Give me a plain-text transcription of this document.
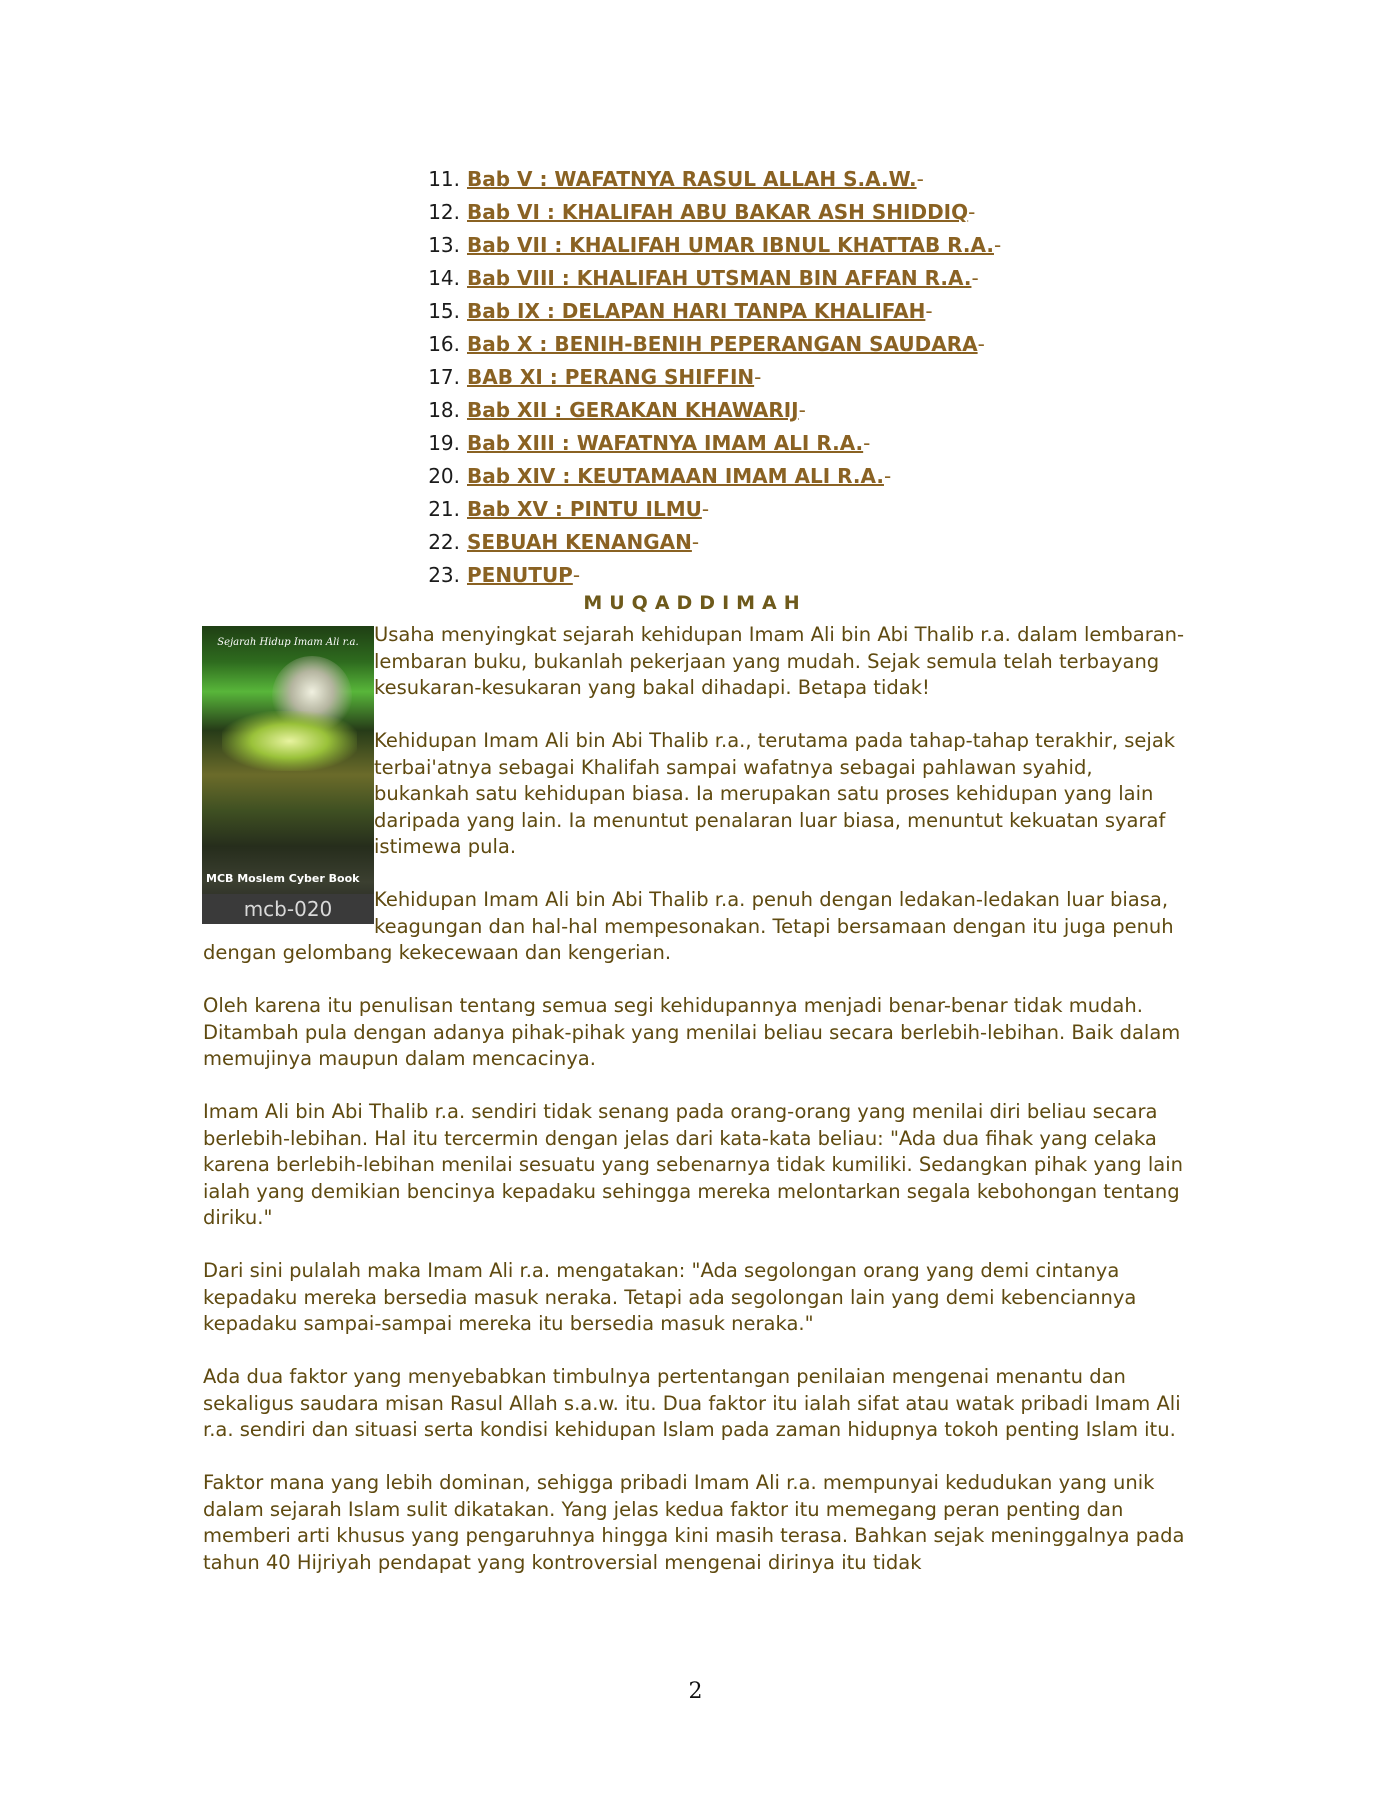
11. Bab V : WAFATNYA RASUL ALLAH S.A.W.-
12. Bab VI : KHALIFAH ABU BAKAR ASH SHIDDIQ-
13. Bab VII : KHALIFAH UMAR IBNUL KHATTAB R.A.-
14. Bab VIII : KHALIFAH UTSMAN BIN AFFAN R.A.-
15. Bab IX : DELAPAN HARI TANPA KHALIFAH-
16. Bab X : BENIH-BENIH PEPERANGAN SAUDARA-
17. BAB XI : PERANG SHIFFIN-
18. Bab XII : GERAKAN KHAWARIJ-
19. Bab XIII : WAFATNYA IMAM ALI R.A.-
20. Bab XIV : KEUTAMAAN IMAM ALI R.A.-
21. Bab XV : PINTU ILMU-
22. SEBUAH KENANGAN-
23. PENUTUP-
MUQADDIMAH
Sejarah Hidup Imam Ali r.a.
MCB Moslem Cyber Book
mcb-020

Usaha menyingkat sejarah kehidupan Imam Ali bin Abi Thalib r.a. dalam lembaran-lembaran buku, bukanlah pekerjaan yang mudah. Sejak semula telah terbayang kesukaran-kesukaran yang bakal dihadapi. Betapa tidak!

Kehidupan Imam Ali bin Abi Thalib r.a., terutama pada tahap-tahap terakhir, sejak terbai'atnya sebagai Khalifah sampai wafatnya sebagai pahlawan syahid, bukankah satu kehidupan biasa. Ia merupakan satu proses kehidupan yang lain daripada yang lain. Ia menuntut penalaran luar biasa, menuntut kekuatan syaraf istimewa pula.

Kehidupan Imam Ali bin Abi Thalib r.a. penuh dengan ledakan-ledakan luar biasa, keagungan dan hal-hal mempesonakan. Tetapi bersamaan dengan itu juga penuh dengan gelombang kekecewaan dan kengerian.

Oleh karena itu penulisan tentang semua segi kehidupannya menjadi benar-benar tidak mudah. Ditambah pula dengan adanya pihak-pihak yang menilai beliau secara berlebih-lebihan. Baik dalam memujinya maupun dalam mencacinya.

Imam Ali bin Abi Thalib r.a. sendiri tidak senang pada orang-orang yang menilai diri beliau secara berlebih-lebihan. Hal itu tercermin dengan jelas dari kata-kata beliau: "Ada dua fihak yang celaka karena berlebih-lebihan menilai sesuatu yang sebenarnya tidak kumiliki. Sedangkan pihak yang lain ialah yang demikian bencinya kepadaku sehingga mereka melontarkan segala kebohongan tentang diriku."

Dari sini pulalah maka Imam Ali r.a. mengatakan: "Ada segolongan orang yang demi cintanya kepadaku mereka bersedia masuk neraka. Tetapi ada segolongan lain yang demi kebenciannya kepadaku sampai-sampai mereka itu bersedia masuk neraka."

Ada dua faktor yang menyebabkan timbulnya pertentangan penilaian mengenai menantu dan sekaligus saudara misan Rasul Allah s.a.w. itu. Dua faktor itu ialah sifat atau watak pribadi Imam Ali r.a. sendiri dan situasi serta kondisi kehidupan Islam pada zaman hidupnya tokoh penting Islam itu.

Faktor mana yang lebih dominan, sehigga pribadi Imam Ali r.a. mempunyai kedudukan yang unik dalam sejarah Islam sulit dikatakan. Yang jelas kedua faktor itu memegang peran penting dan memberi arti khusus yang pengaruhnya hingga kini masih terasa. Bahkan sejak meninggalnya pada tahun 40 Hijriyah pendapat yang kontroversial mengenai dirinya itu tidak

2
